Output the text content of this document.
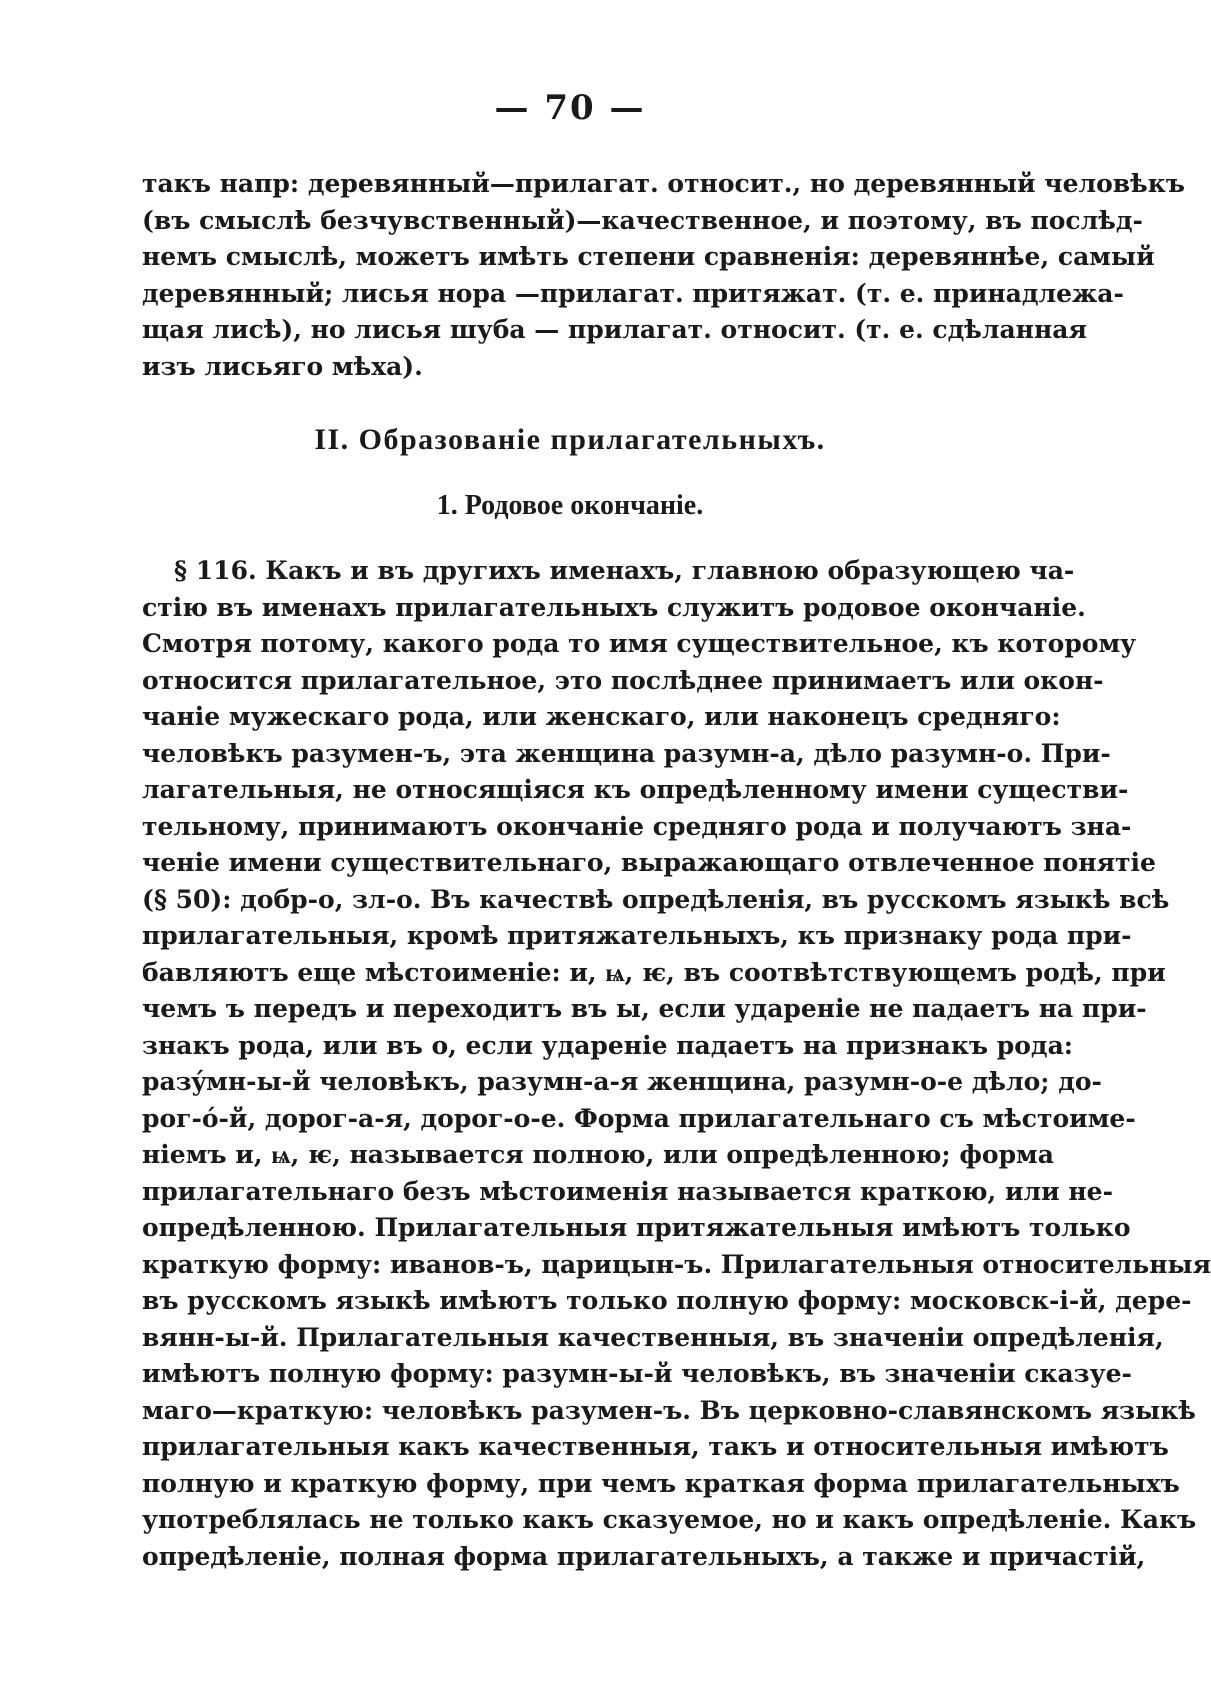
— 70 —
такъ напр: деревянный—прилагат. относит., но деревянный человѣкъ
(въ смыслѣ безчувственный)—качественное, и поэтому, въ послѣд-
немъ смыслѣ, можетъ имѣть степени сравненія: деревяннѣе, самый
деревянный; лисья нора —прилагат. притяжат. (т. е. принадлежа-
щая лисѣ), но лисья шуба — прилагат. относит. (т. е. сдѣланная
изъ лисьяго мѣха).
II. Образованіе прилагательныхъ.
1. Родовое окончаніе.
§ 116. Какъ и въ другихъ именахъ, главною образующею ча-
стію въ именахъ прилагательныхъ служитъ родовое окончаніе.
Смотря потому, какого рода то имя существительное, къ которому
относится прилагательное, это послѣднее принимаетъ или окон-
чаніе мужескаго рода, или женскаго, или наконецъ средняго:
человѣкъ разумен-ъ, эта женщина разумн-а, дѣло разумн-о. При-
лагательныя, не относящіяся къ опредѣленному имени существи-
тельному, принимаютъ окончаніе средняго рода и получаютъ зна-
ченіе имени существительнаго, выражающаго отвлеченное понятіе
(§ 50): добр-о, зл-о. Въ качествѣ опредѣленія, въ русскомъ языкѣ всѣ
прилагательныя, кромѣ притяжательныхъ, къ признаку рода при-
бавляютъ еще мѣстоименіе: и, ѩ, ѥ, въ соотвѣтствующемъ родѣ, при
чемъ ъ передъ и переходитъ въ ы, если удареніе не падаетъ на при-
знакъ рода, или въ о, если удареніе падаетъ на признакъ рода:
разýмн-ы-й человѣкъ, разумн-а-я женщина, разумн-о-е дѣло; до-
рог-ó-й, дорог-а-я, дорог-о-е. Форма прилагательнаго съ мѣстоиме-
ніемъ и, ѩ, ѥ, называется полною, или опредѣленною; форма
прилагательнаго безъ мѣстоименія называется краткою, или не-
опредѣленною. Прилагательныя притяжательныя имѣютъ только
краткую форму: иванов-ъ, царицын-ъ. Прилагательныя относительныя
въ русскомъ языкѣ имѣютъ только полную форму: московск-і-й, дере-
вянн-ы-й. Прилагательныя качественныя, въ значеніи опредѣленія,
имѣютъ полную форму: разумн-ы-й человѣкъ, въ значеніи сказуе-
маго—краткую: человѣкъ разумен-ъ. Въ церковно-славянскомъ языкѣ
прилагательныя какъ качественныя, такъ и относительныя имѣютъ
полную и краткую форму, при чемъ краткая форма прилагательныхъ
употреблялась не только какъ сказуемое, но и какъ опредѣленіе. Какъ
опредѣленіе, полная форма прилагательныхъ, а также и причастій,
